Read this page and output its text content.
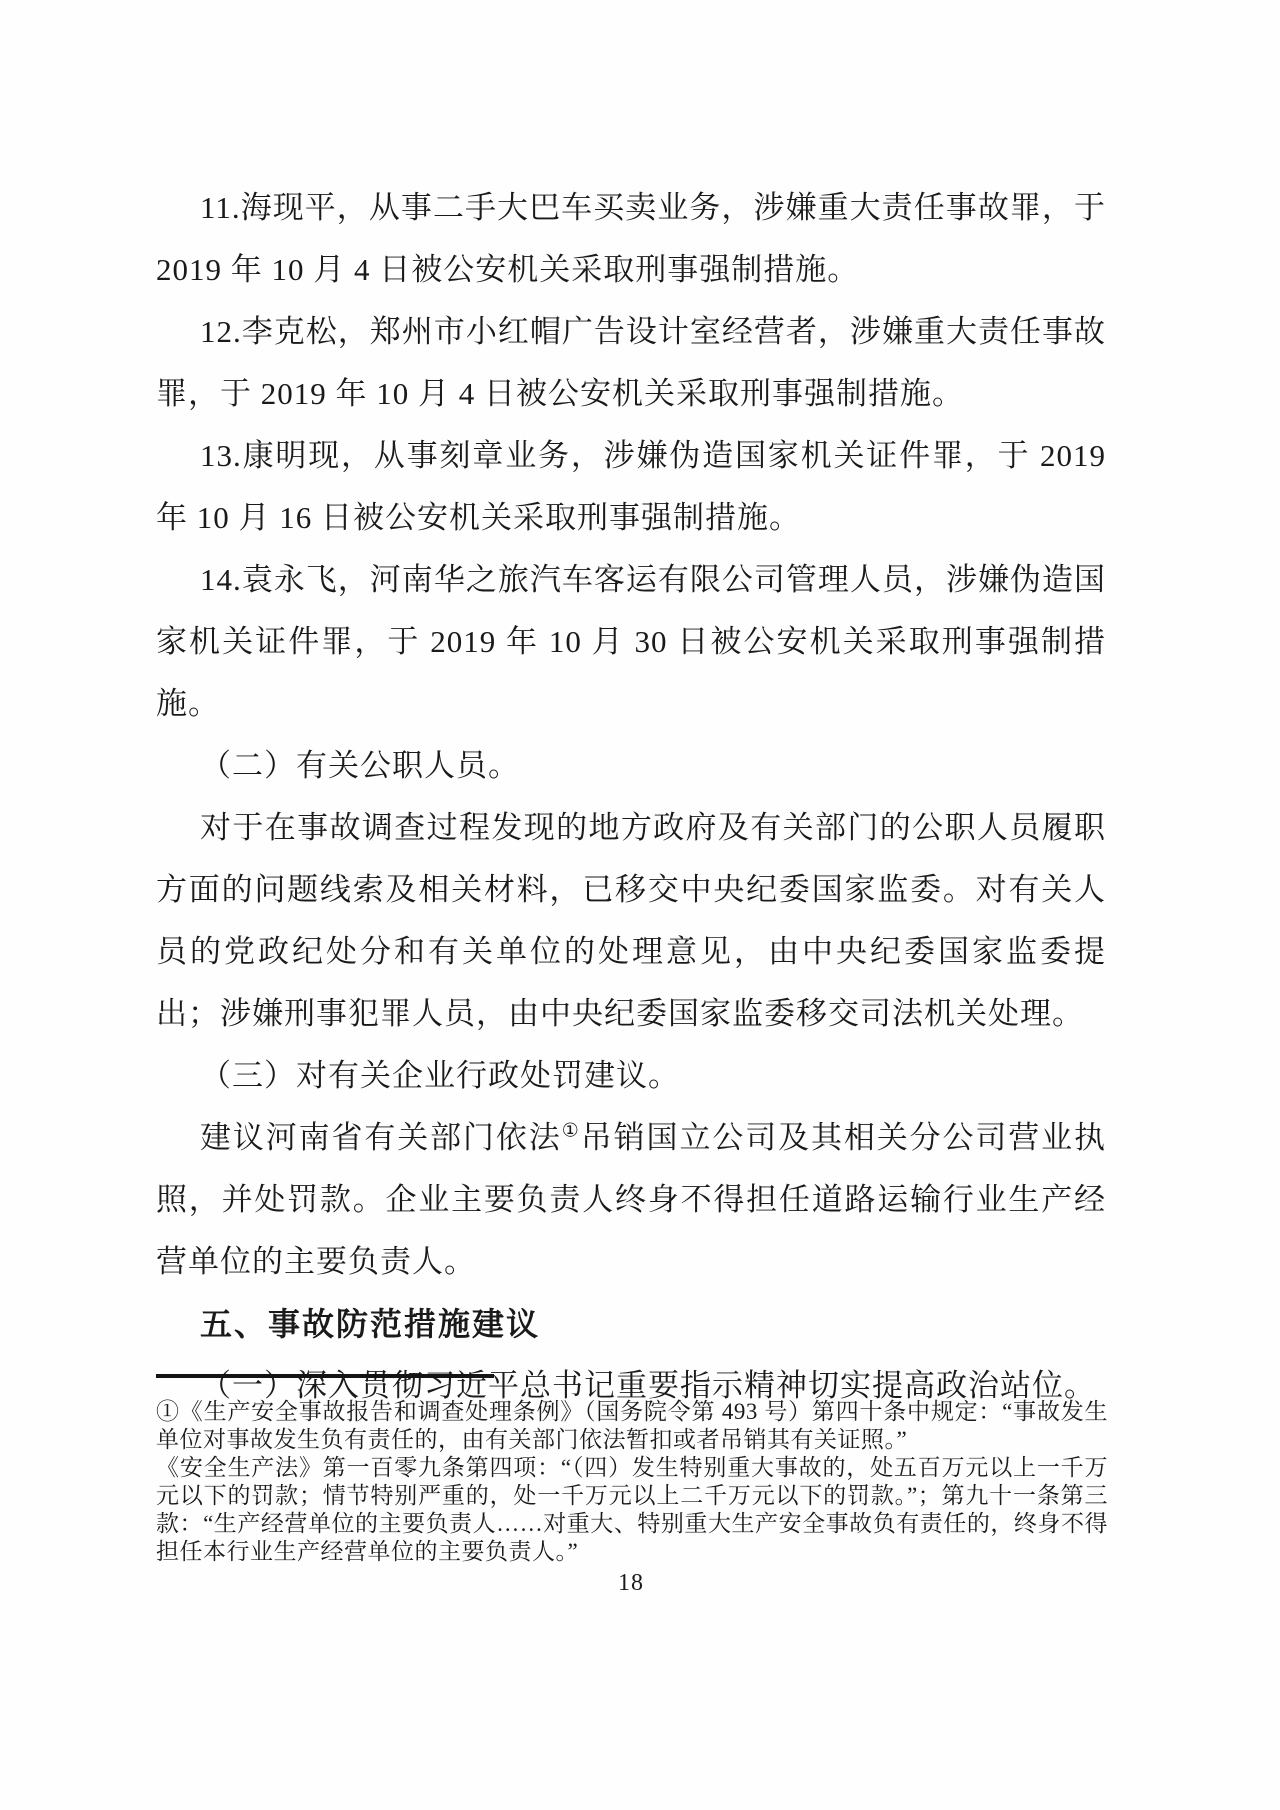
11.海现平，从事二手大巴车买卖业务，涉嫌重大责任事故罪，于 2019 年 10 月 4 日被公安机关采取刑事强制措施。

12.李克松，郑州市小红帽广告设计室经营者，涉嫌重大责任事故罪，于 2019 年 10 月 4 日被公安机关采取刑事强制措施。

13.康明现，从事刻章业务，涉嫌伪造国家机关证件罪，于 2019 年 10 月 16 日被公安机关采取刑事强制措施。

14.袁永飞，河南华之旅汽车客运有限公司管理人员，涉嫌伪造国家机关证件罪，于 2019 年 10 月 30 日被公安机关采取刑事强制措施。

（二）有关公职人员。

对于在事故调查过程发现的地方政府及有关部门的公职人员履职方面的问题线索及相关材料，已移交中央纪委国家监委。对有关人员的党政纪处分和有关单位的处理意见，由中央纪委国家监委提出；涉嫌刑事犯罪人员，由中央纪委国家监委移交司法机关处理。

（三）对有关企业行政处罚建议。

建议河南省有关部门依法①吊销国立公司及其相关分公司营业执照，并处罚款。企业主要负责人终身不得担任道路运输行业生产经营单位的主要负责人。

五、事故防范措施建议

（一）深入贯彻习近平总书记重要指示精神切实提高政治站位。

①《生产安全事故报告和调查处理条例》（国务院令第 493 号）第四十条中规定：“事故发生单位对事故发生负有责任的，由有关部门依法暂扣或者吊销其有关证照。”

《安全生产法》第一百零九条第四项：“（四）发生特别重大事故的，处五百万元以上一千万元以下的罚款；情节特别严重的，处一千万元以上二千万元以下的罚款。”；第九十一条第三款：“生产经营单位的主要负责人……对重大、特别重大生产安全事故负有责任的，终身不得担任本行业生产经营单位的主要负责人。”

18
